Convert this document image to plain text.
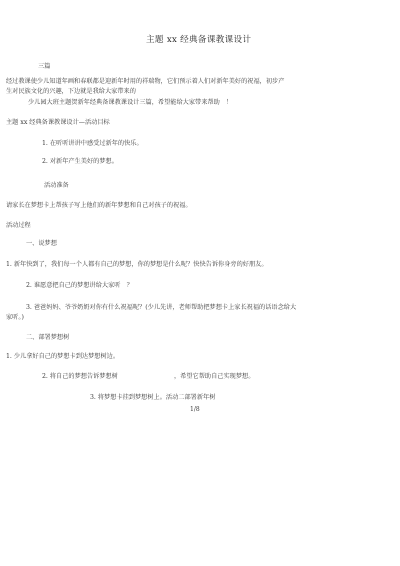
主题 xx 经典备课教课设计

三篇

经过教课使少儿知道年画和春联都是迎新年时用的祥瑞物，它们预示着人们对新年美好的祝福，初步产

生对民族文化的兴趣，下边就是我给大家带来的

少儿园大班主题贺新年经典备课教课设计三篇，希望能给大家带来帮助　！

主题 xx 经典备课教课设计—活动目标

1. 在听听讲讲中感受过新年的快乐。

2. 对新年产生美好的梦想。

活动准备

请家长在梦想卡上帮孩子写上他们的新年梦想和自己对孩子的祝福。

活动过程

一、说梦想

1. 新年快到了，我们每一个人都有自己的梦想，你的梦想是什么呢？快快告诉你身旁的好朋友。

2. 谁愿意把自己的梦想讲给大家听　？

3. 爸爸妈妈、爷爷奶奶对你有什么祝福呢？(少儿先讲，老师帮助把梦想卡上家长祝福的话语念给大

家听。)

二、部署梦想树

1. 少儿拿好自己的梦想卡到达梦想树边。

2. 将自己的梦想告诉梦想树	，希望它帮助自己实现梦想。

3. 将梦想卡挂到梦想树上。活动二部署新年树

1/8
